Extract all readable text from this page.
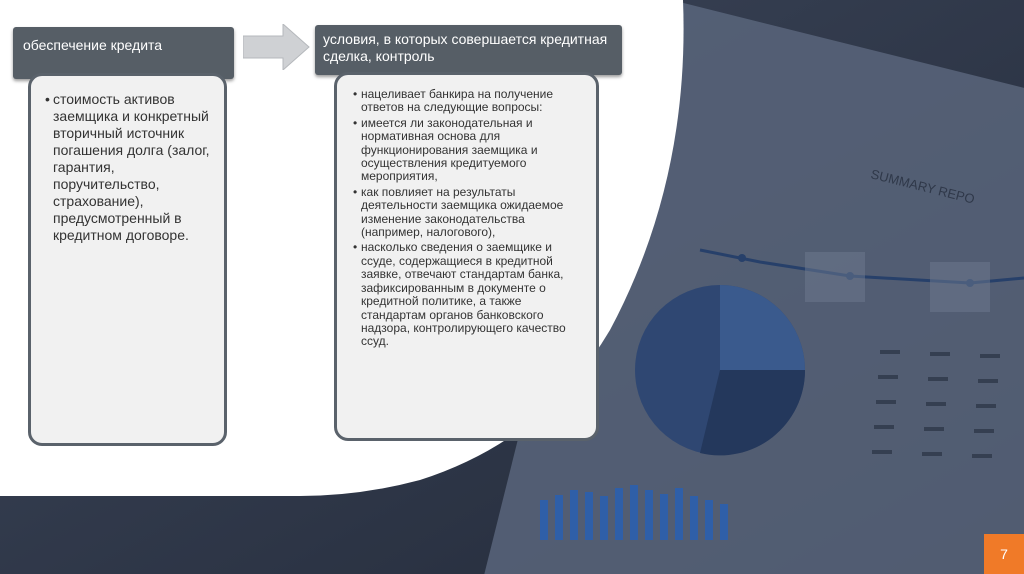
SUMMARY REPO
обеспечение кредита	условия, в которых совершается кредитная сделка, контроль
• стоимость активов заемщика и конкретный вторичный источник погашения долга (залог, гарантия, поручительство, страхование), предусмотренный в кредитном договоре.
• нацеливает банкира на получение ответов на следующие вопросы:
• имеется ли законодательная и нормативная основа для функционирования заемщика и осуществления кредитуемого мероприятия,
• как повлияет на результаты деятельности заемщика ожидаемое изменение законодательства (например, налогового),
• насколько сведения о заемщике и ссуде, содержащиеся в кредитной заявке, отвечают стандартам банка, зафиксированным в документе о кредитной политике, а также стандартам органов банковского надзора, контролирующего качество ссуд.
7
